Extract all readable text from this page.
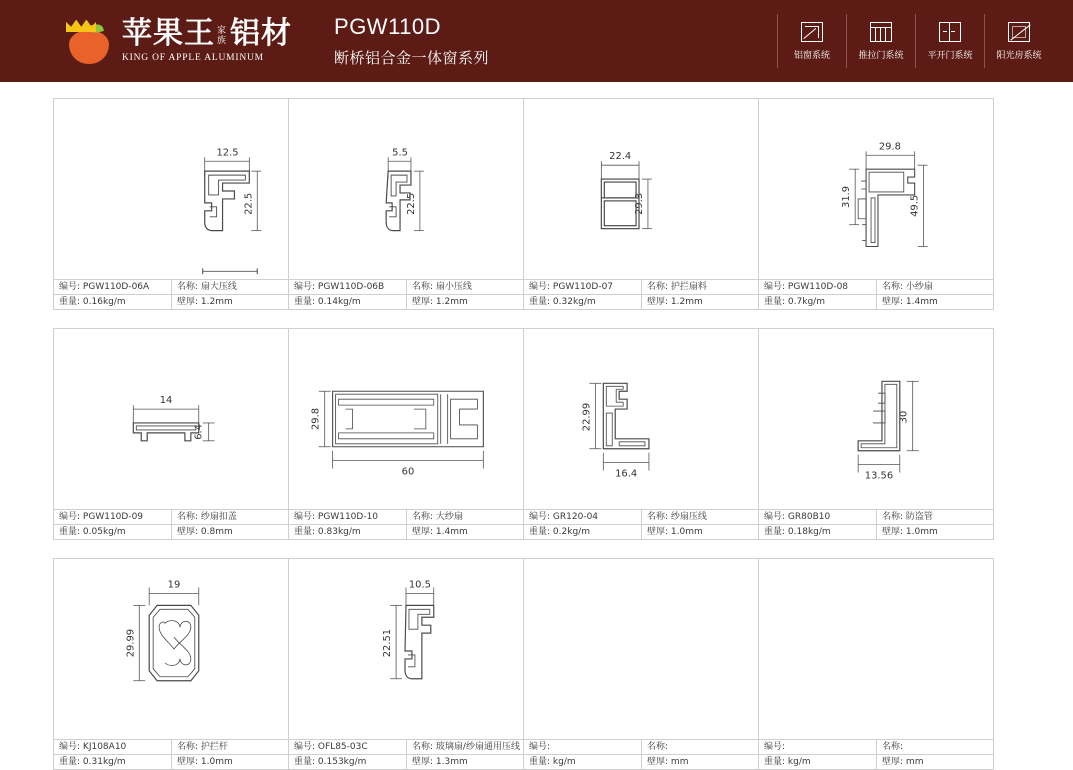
苹果王 家
族 铝材
KING OF APPLE ALUMINUM
PGW110D
断桥铝合金一体窗系列	铝窗系统	推拉门系统	平开门系统	阳光房系统
12.5
22.5
编号: PGW110D-06A	名称: 扇大压线
重量: 0.16kg/m	壁厚: 1.2mm
5.5
22.5
编号: PGW110D-06B	名称: 扇小压线
重量: 0.14kg/m	壁厚: 1.2mm
22.4
29.3
编号: PGW110D-07	名称: 护拦扇料
重量: 0.32kg/m	壁厚: 1.2mm
29.8
31.9	49.5
编号: PGW110D-08	名称: 小纱扇
重量: 0.7kg/m	壁厚: 1.4mm
14
6.4
编号: PGW110D-09	名称: 纱扇扣盖
重量: 0.05kg/m	壁厚: 0.8mm
29.8
60
编号: PGW110D-10	名称: 大纱扇
重量: 0.83kg/m	壁厚: 1.4mm
22.99
16.4
编号: GR120-04	名称: 纱扇压线
重量: 0.2kg/m	壁厚: 1.0mm
30
13.56
编号: GR80B10	名称: 防盗管
重量: 0.18kg/m	壁厚: 1.0mm
19
29.99
编号: KJ108A10	名称: 护拦杆
重量: 0.31kg/m	壁厚: 1.0mm
10.5
22.51
编号: OFL85-03C	名称: 玻璃扇/纱扇通用压线
重量: 0.153kg/m	壁厚: 1.3mm
编号:	名称:
重量: kg/m	壁厚: mm
编号:	名称:
重量: kg/m	壁厚: mm
